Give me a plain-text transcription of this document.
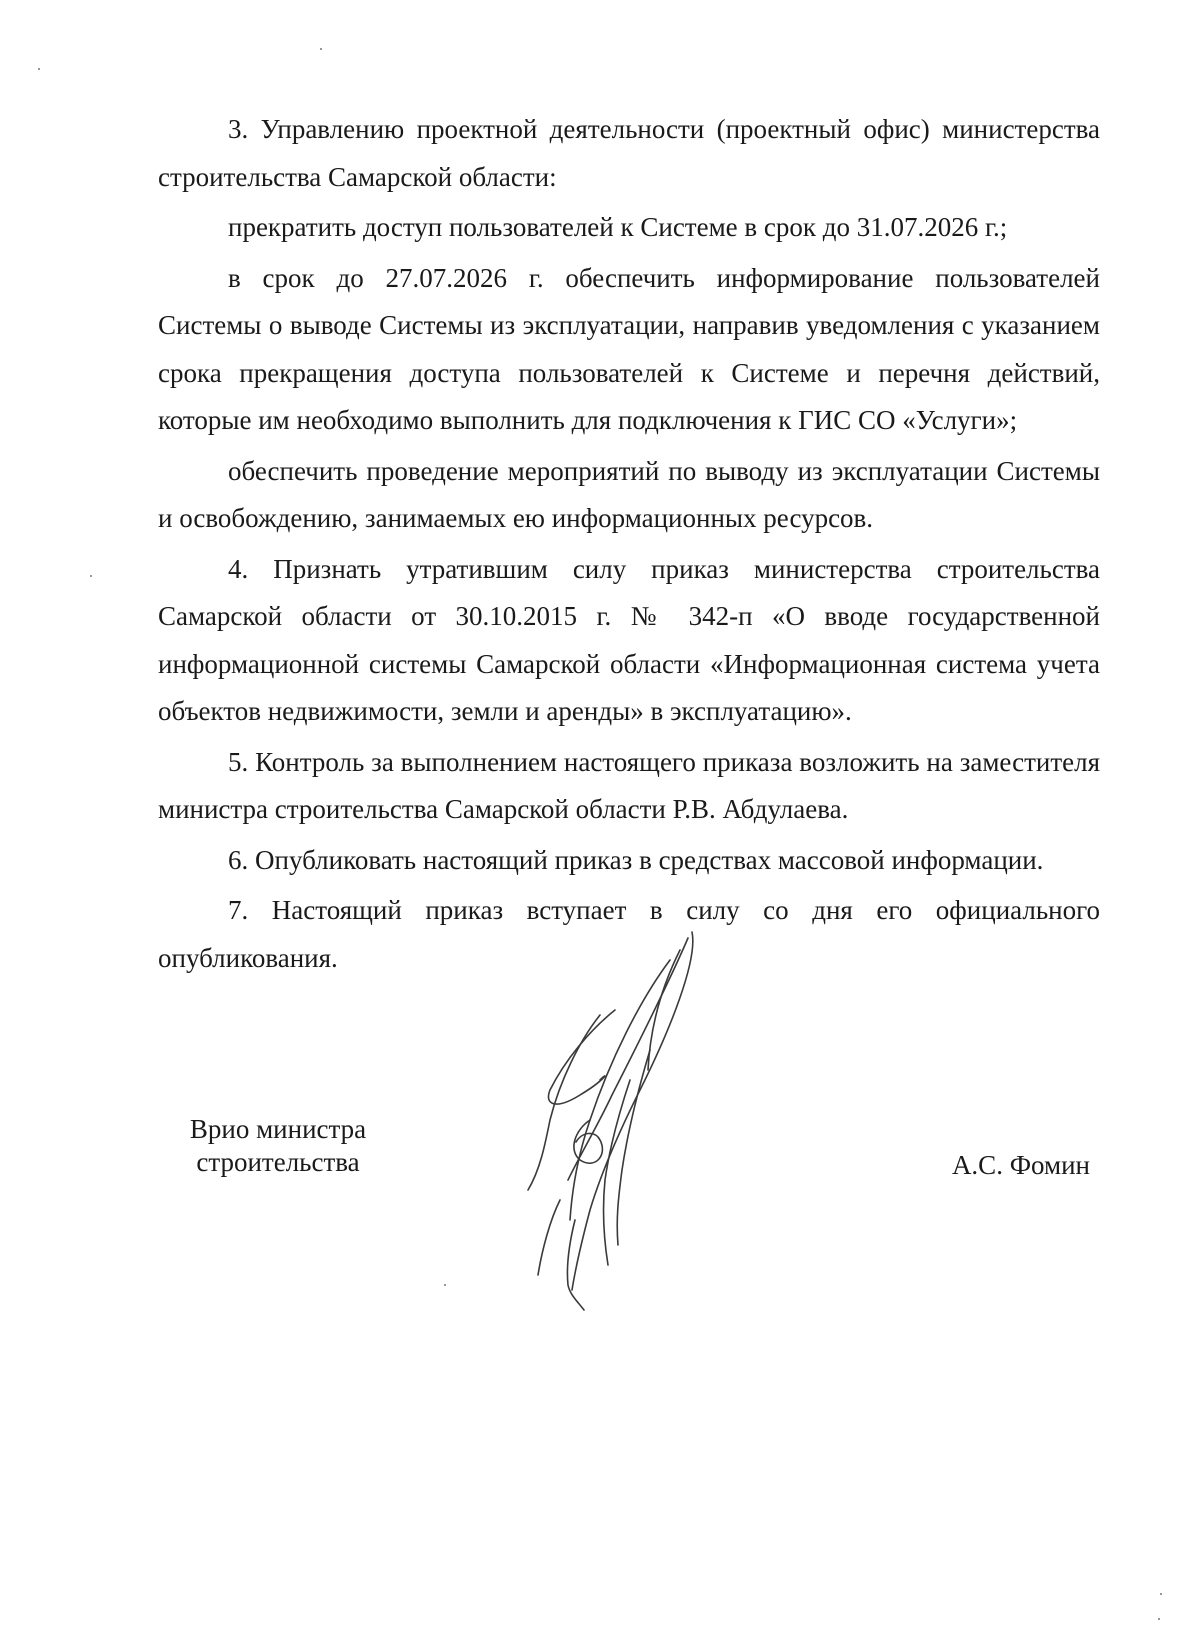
3. Управлению проектной деятельности (проектный офис) министерства строительства Самарской области:

прекратить доступ пользователей к Системе в срок до 31.07.2026 г.;

в срок до 27.07.2026 г. обеспечить информирование пользователей Системы о выводе Системы из эксплуатации, направив уведомления с указанием срока прекращения доступа пользователей к Системе и перечня действий, которые им необходимо выполнить для подключения к ГИС СО «Услуги»;

обеспечить проведение мероприятий по выводу из эксплуатации Системы и освобождению, занимаемых ею информационных ресурсов.

4. Признать утратившим силу приказ министерства строительства Самарской области от 30.10.2015 г. № 342-п «О вводе государственной информационной системы Самарской области «Информационная система учета объектов недвижимости, земли и аренды» в эксплуатацию».

5. Контроль за выполнением настоящего приказа возложить на заместителя министра строительства Самарской области Р.В. Абдулаева.

6. Опубликовать настоящий приказ в средствах массовой информации.

7. Настоящий приказ вступает в силу со дня его официального опубликования.

Врио министра
строительства	А.С. Фомин
